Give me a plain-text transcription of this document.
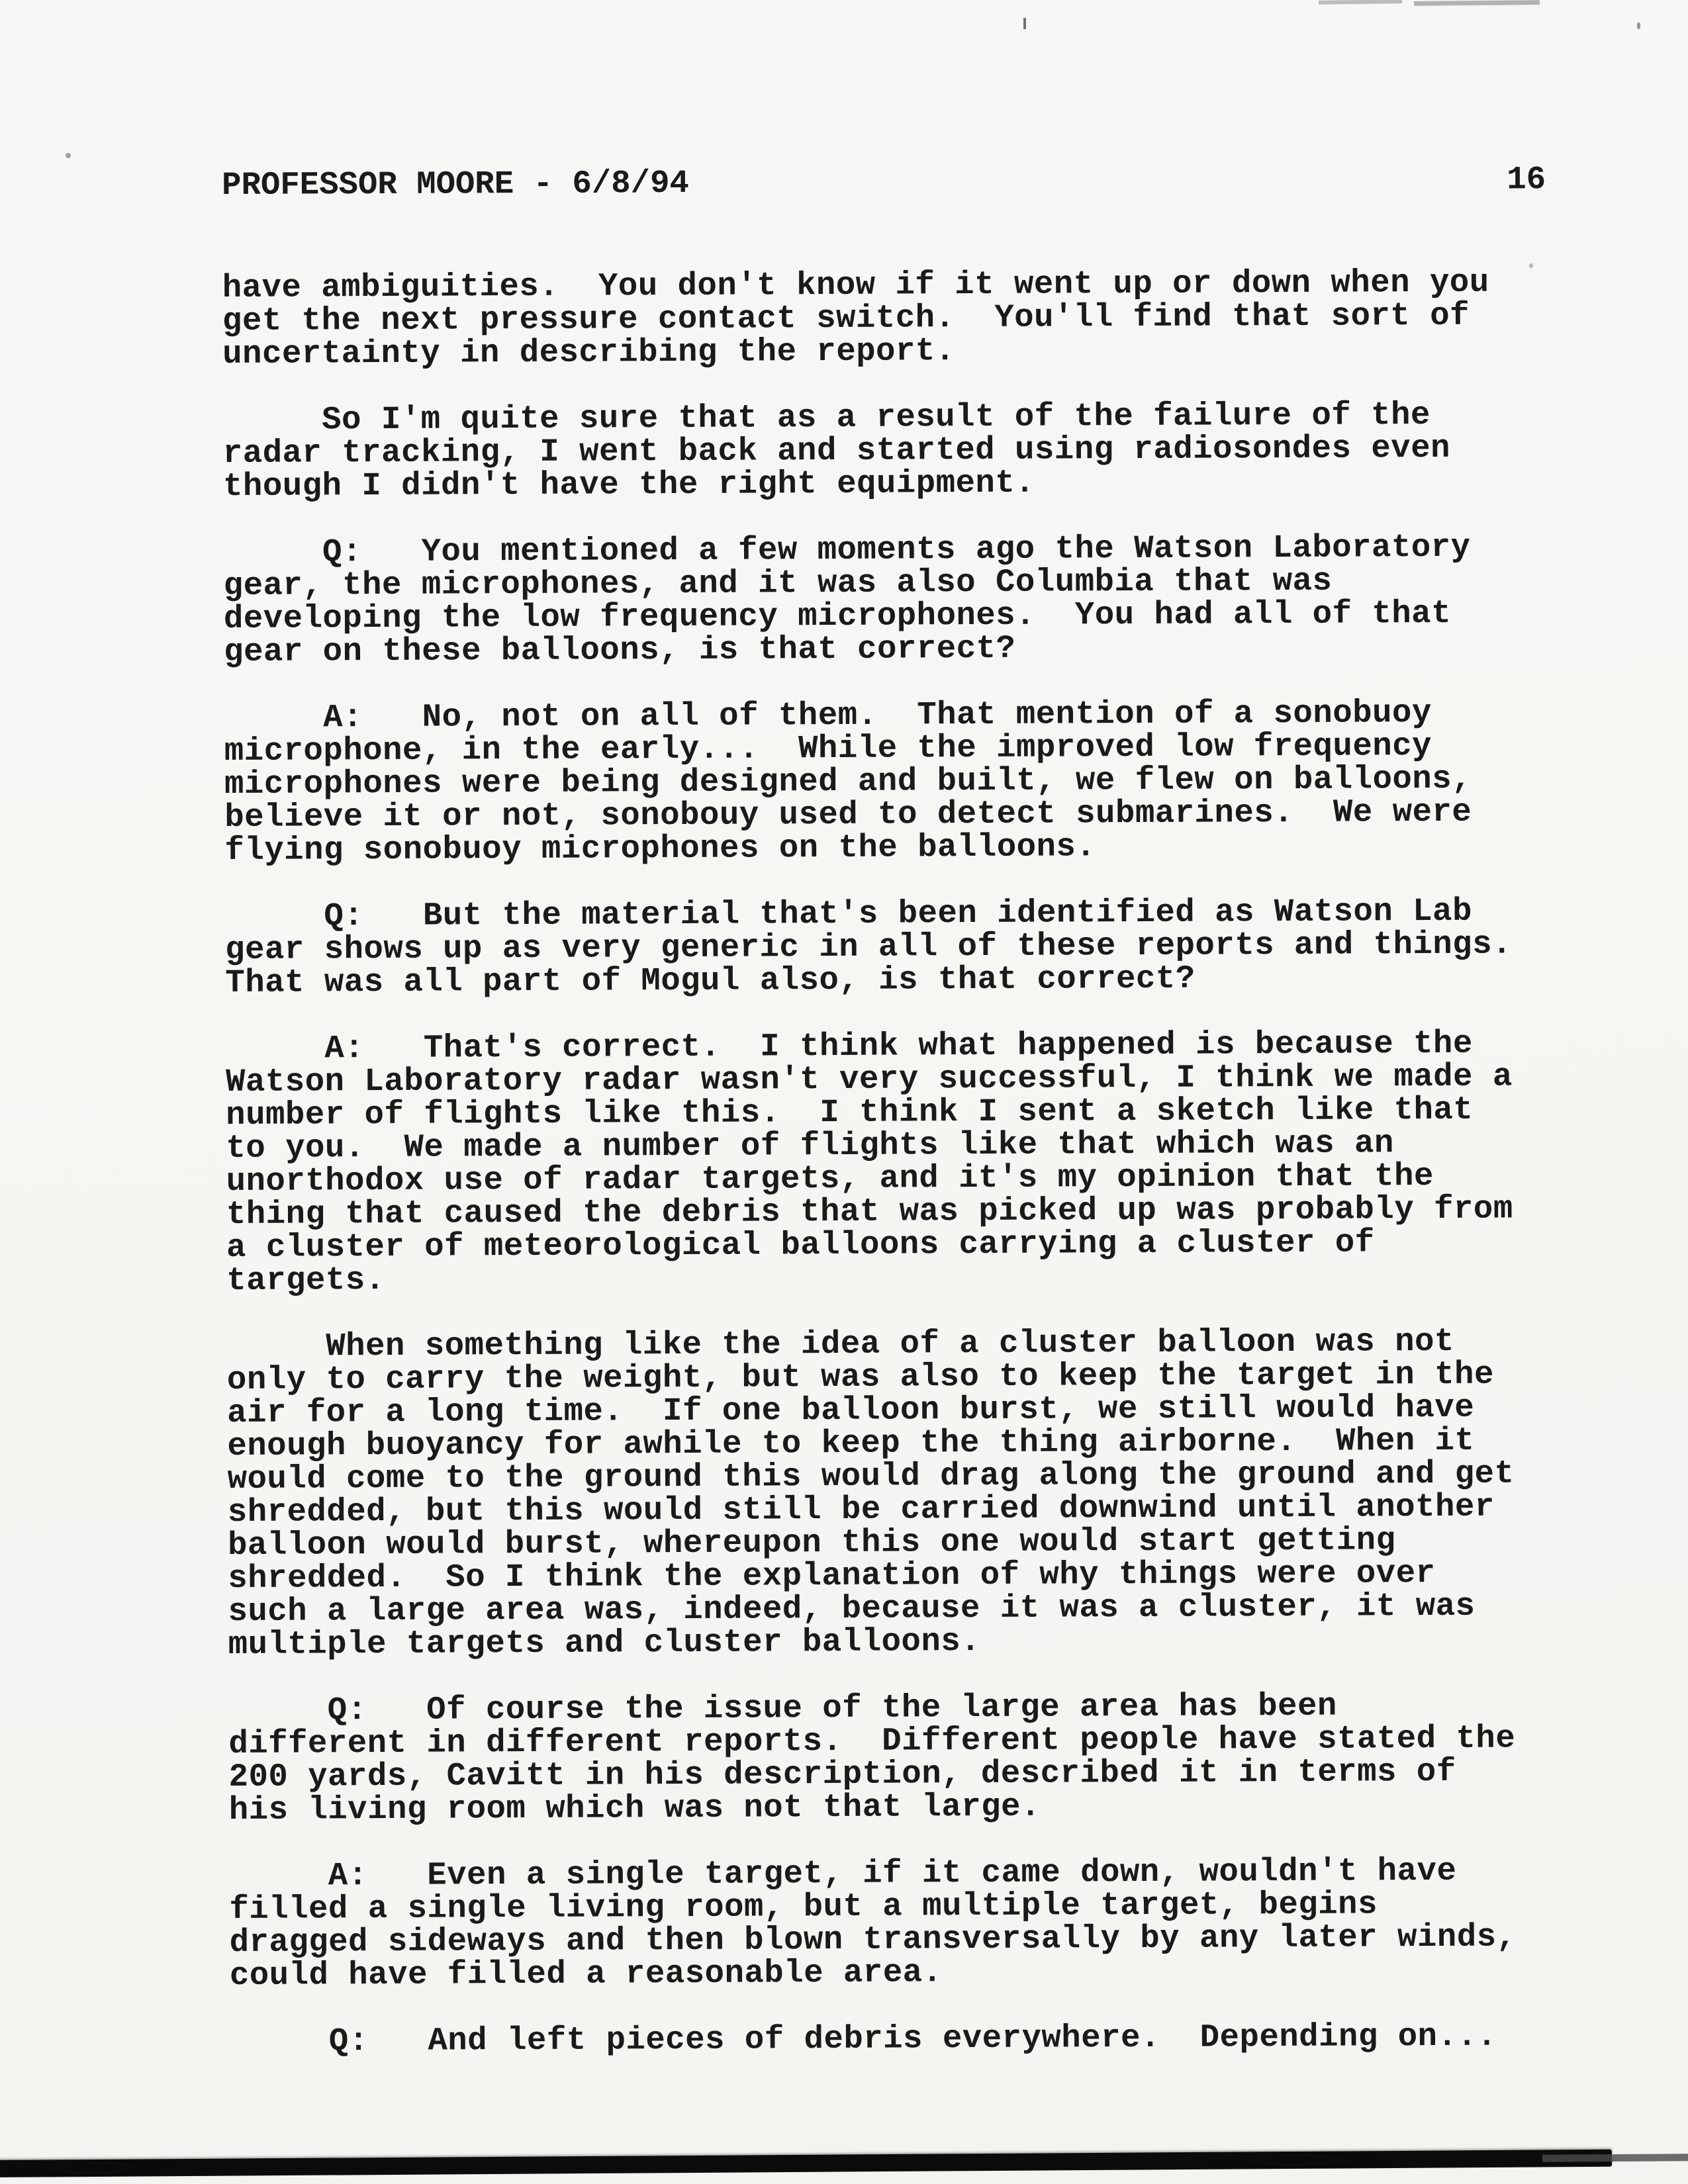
PROFESSOR MOORE - 6/8/94	16
have ambiguities.  You don't know if it went up or down when you
get the next pressure contact switch.  You'll find that sort of
uncertainty in describing the report.
So I'm quite sure that as a result of the failure of the
radar tracking, I went back and started using radiosondes even
though I didn't have the right equipment.
Q:   You mentioned a few moments ago the Watson Laboratory
gear, the microphones, and it was also Columbia that was
developing the low frequency microphones.  You had all of that
gear on these balloons, is that correct?
A:   No, not on all of them.  That mention of a sonobuoy
microphone, in the early...  While the improved low frequency
microphones were being designed and built, we flew on balloons,
believe it or not, sonobouy used to detect submarines.  We were
flying sonobuoy microphones on the balloons.
Q:   But the material that's been identified as Watson Lab
gear shows up as very generic in all of these reports and things.
That was all part of Mogul also, is that correct?
A:   That's correct.  I think what happened is because the
Watson Laboratory radar wasn't very successful, I think we made a
number of flights like this.  I think I sent a sketch like that
to you.  We made a number of flights like that which was an
unorthodox use of radar targets, and it's my opinion that the
thing that caused the debris that was picked up was probably from
a cluster of meteorological balloons carrying a cluster of
targets.
When something like the idea of a cluster balloon was not
only to carry the weight, but was also to keep the target in the
air for a long time.  If one balloon burst, we still would have
enough buoyancy for awhile to keep the thing airborne.  When it
would come to the ground this would drag along the ground and get
shredded, but this would still be carried downwind until another
balloon would burst, whereupon this one would start getting
shredded.  So I think the explanation of why things were over
such a large area was, indeed, because it was a cluster, it was
multiple targets and cluster balloons.
Q:   Of course the issue of the large area has been
different in different reports.  Different people have stated the
200 yards, Cavitt in his description, described it in terms of
his living room which was not that large.
A:   Even a single target, if it came down, wouldn't have
filled a single living room, but a multiple target, begins
dragged sideways and then blown transversally by any later winds,
could have filled a reasonable area.
Q:   And left pieces of debris everywhere.  Depending on...
